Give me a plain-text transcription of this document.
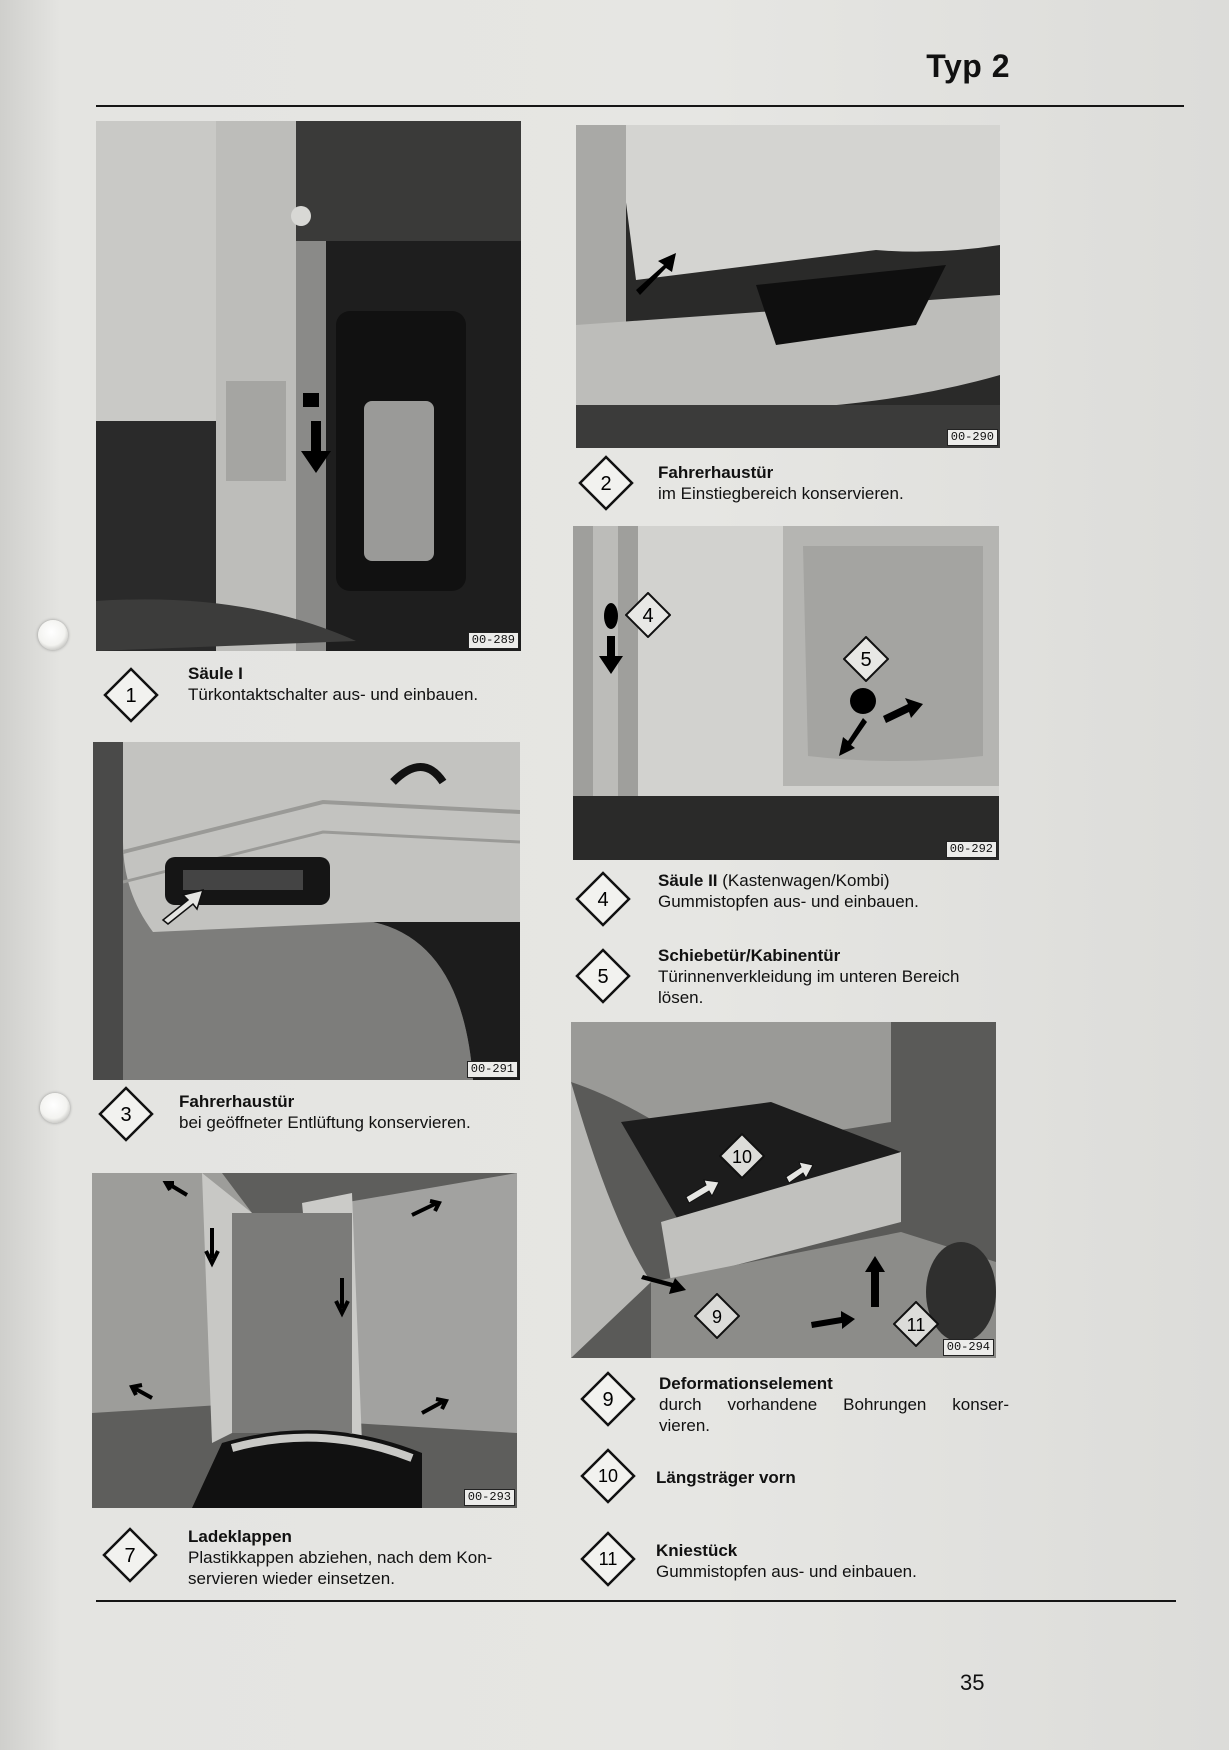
Typ 2
00-289
00-290
00-291
4
5
00-292
00-293
10
9	11
00-294
1
Säule I
Türkontaktschalter aus- und einbauen.
2
Fahrerhaustür
im Einstiegbereich konservieren.
3
Fahrerhaustür
bei geöffneter Entlüftung konservieren.
4
Säule II (Kastenwagen/Kombi)
Gummistopfen aus- und einbauen.
5
Schiebetür/Kabinentür
Türinnenverkleidung im unteren Bereich
lösen.
7
Ladeklappen
Plastikkappen abziehen, nach dem Kon-
servieren wieder einsetzen.
9
Deformationselement
durch vorhandene Bohrungen konser-
vieren.
10 Längsträger vorn
11 Kniestück
Gummistopfen aus- und einbauen.
35
